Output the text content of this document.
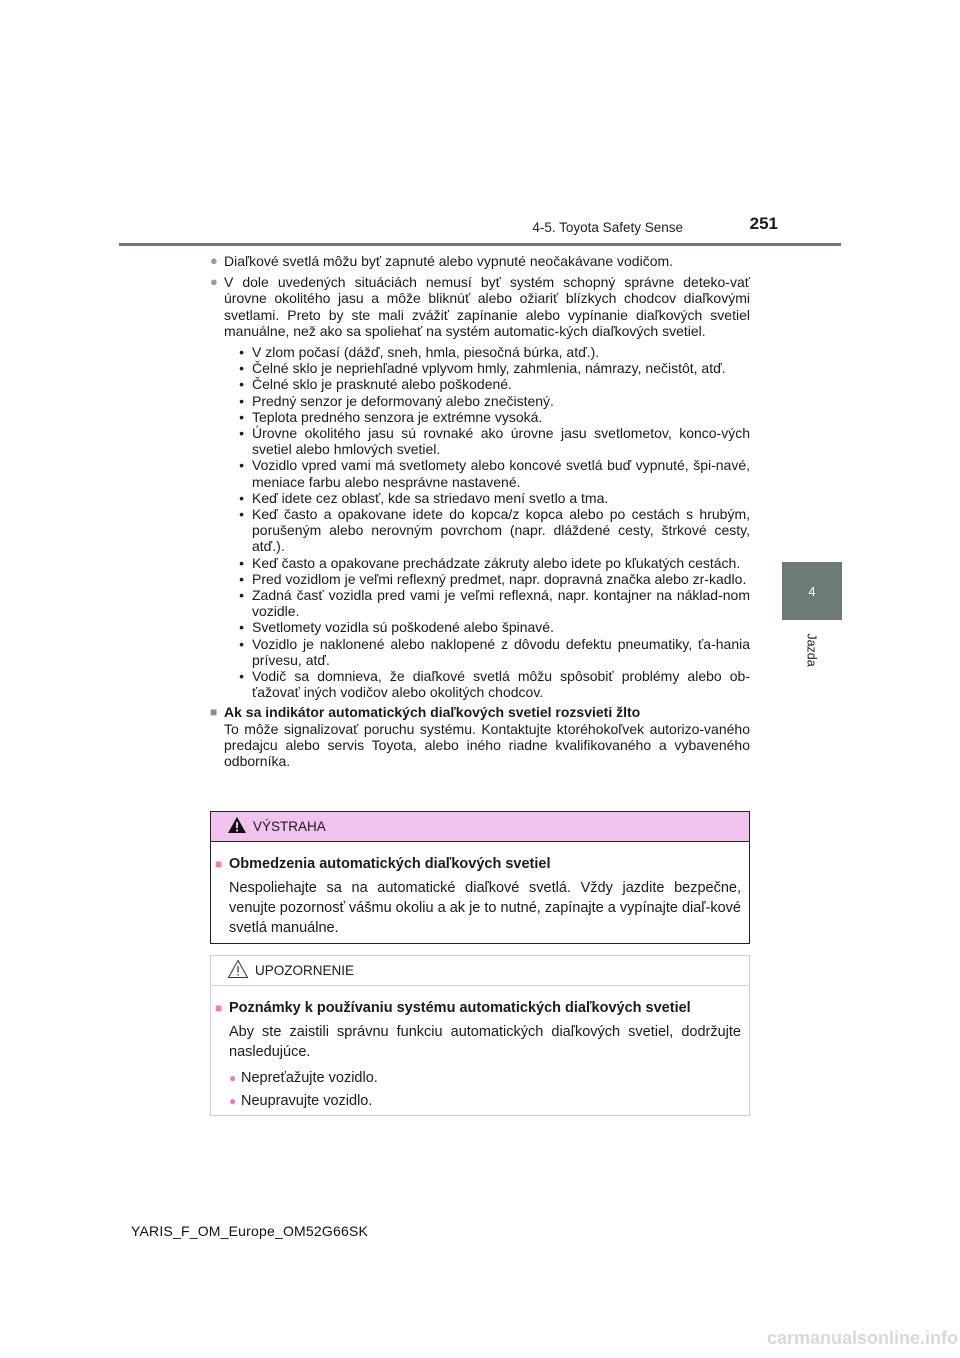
4-5. Toyota Safety Sense	251
4
Jazda
● Diaľkové svetlá môžu byť zapnuté alebo vypnuté neočakávane vodičom.
● V dole uvedených situáciách nemusí byť systém schopný správne deteko-vať úrovne okolitého jasu a môže bliknúť alebo ožiariť blízkych chodcov diaľkovými svetlami. Preto by ste mali zvážiť zapínanie alebo vypínanie diaľkových svetiel manuálne, než ako sa spoliehať na systém automatic-kých diaľkových svetiel.
• V zlom počasí (dážď, sneh, hmla, piesočná búrka, atď.).
• Čelné sklo je nepriehľadné vplyvom hmly, zahmlenia, námrazy, nečistôt, atď.
• Čelné sklo je prasknuté alebo poškodené.
• Predný senzor je deformovaný alebo znečistený.
• Teplota predného senzora je extrémne vysoká.
• Úrovne okolitého jasu sú rovnaké ako úrovne jasu svetlometov, konco-vých svetiel alebo hmlových svetiel.
• Vozidlo vpred vami má svetlomety alebo koncové svetlá buď vypnuté, špi-navé, meniace farbu alebo nesprávne nastavené.
• Keď idete cez oblasť, kde sa striedavo mení svetlo a tma.
• Keď často a opakovane idete do kopca/z kopca alebo po cestách s hrubým, porušeným alebo nerovným povrchom (napr. dláždené cesty, štrkové cesty, atď.).
• Keď často a opakovane prechádzate zákruty alebo idete po kľukatých cestách.
• Pred vozidlom je veľmi reflexný predmet, napr. dopravná značka alebo zr-kadlo.
• Zadná časť vozidla pred vami je veľmi reflexná, napr. kontajner na náklad-nom vozidle.
• Svetlomety vozidla sú poškodené alebo špinavé.
• Vozidlo je naklonené alebo naklopené z dôvodu defektu pneumatiky, ťa-hania prívesu, atď.
• Vodič sa domnieva, že diaľkové svetlá môžu spôsobiť problémy alebo ob-ťažovať iných vodičov alebo okolitých chodcov.
■ Ak sa indikátor automatických diaľkových svetiel rozsvieti žlto
To môže signalizovať poruchu systému. Kontaktujte ktoréhokoľvek autorizo-vaného predajcu alebo servis Toyota, alebo iného riadne kvalifikovaného a vybaveného odborníka.
VÝSTRAHA
■ Obmedzenia automatických diaľkových svetiel
Nespoliehajte sa na automatické diaľkové svetlá. Vždy jazdite bezpečne, venujte pozornosť vášmu okoliu a ak je to nutné, zapínajte a vypínajte diaľ-kové svetlá manuálne.
UPOZORNENIE
■ Poznámky k používaniu systému automatických diaľkových svetiel
Aby ste zaistili správnu funkciu automatických diaľkových svetiel, dodržujte nasledujúce.
● Nepreťažujte vozidlo.
● Neupravujte vozidlo.
YARIS_F_OM_Europe_OM52G66SK
carmanualsonline.info
